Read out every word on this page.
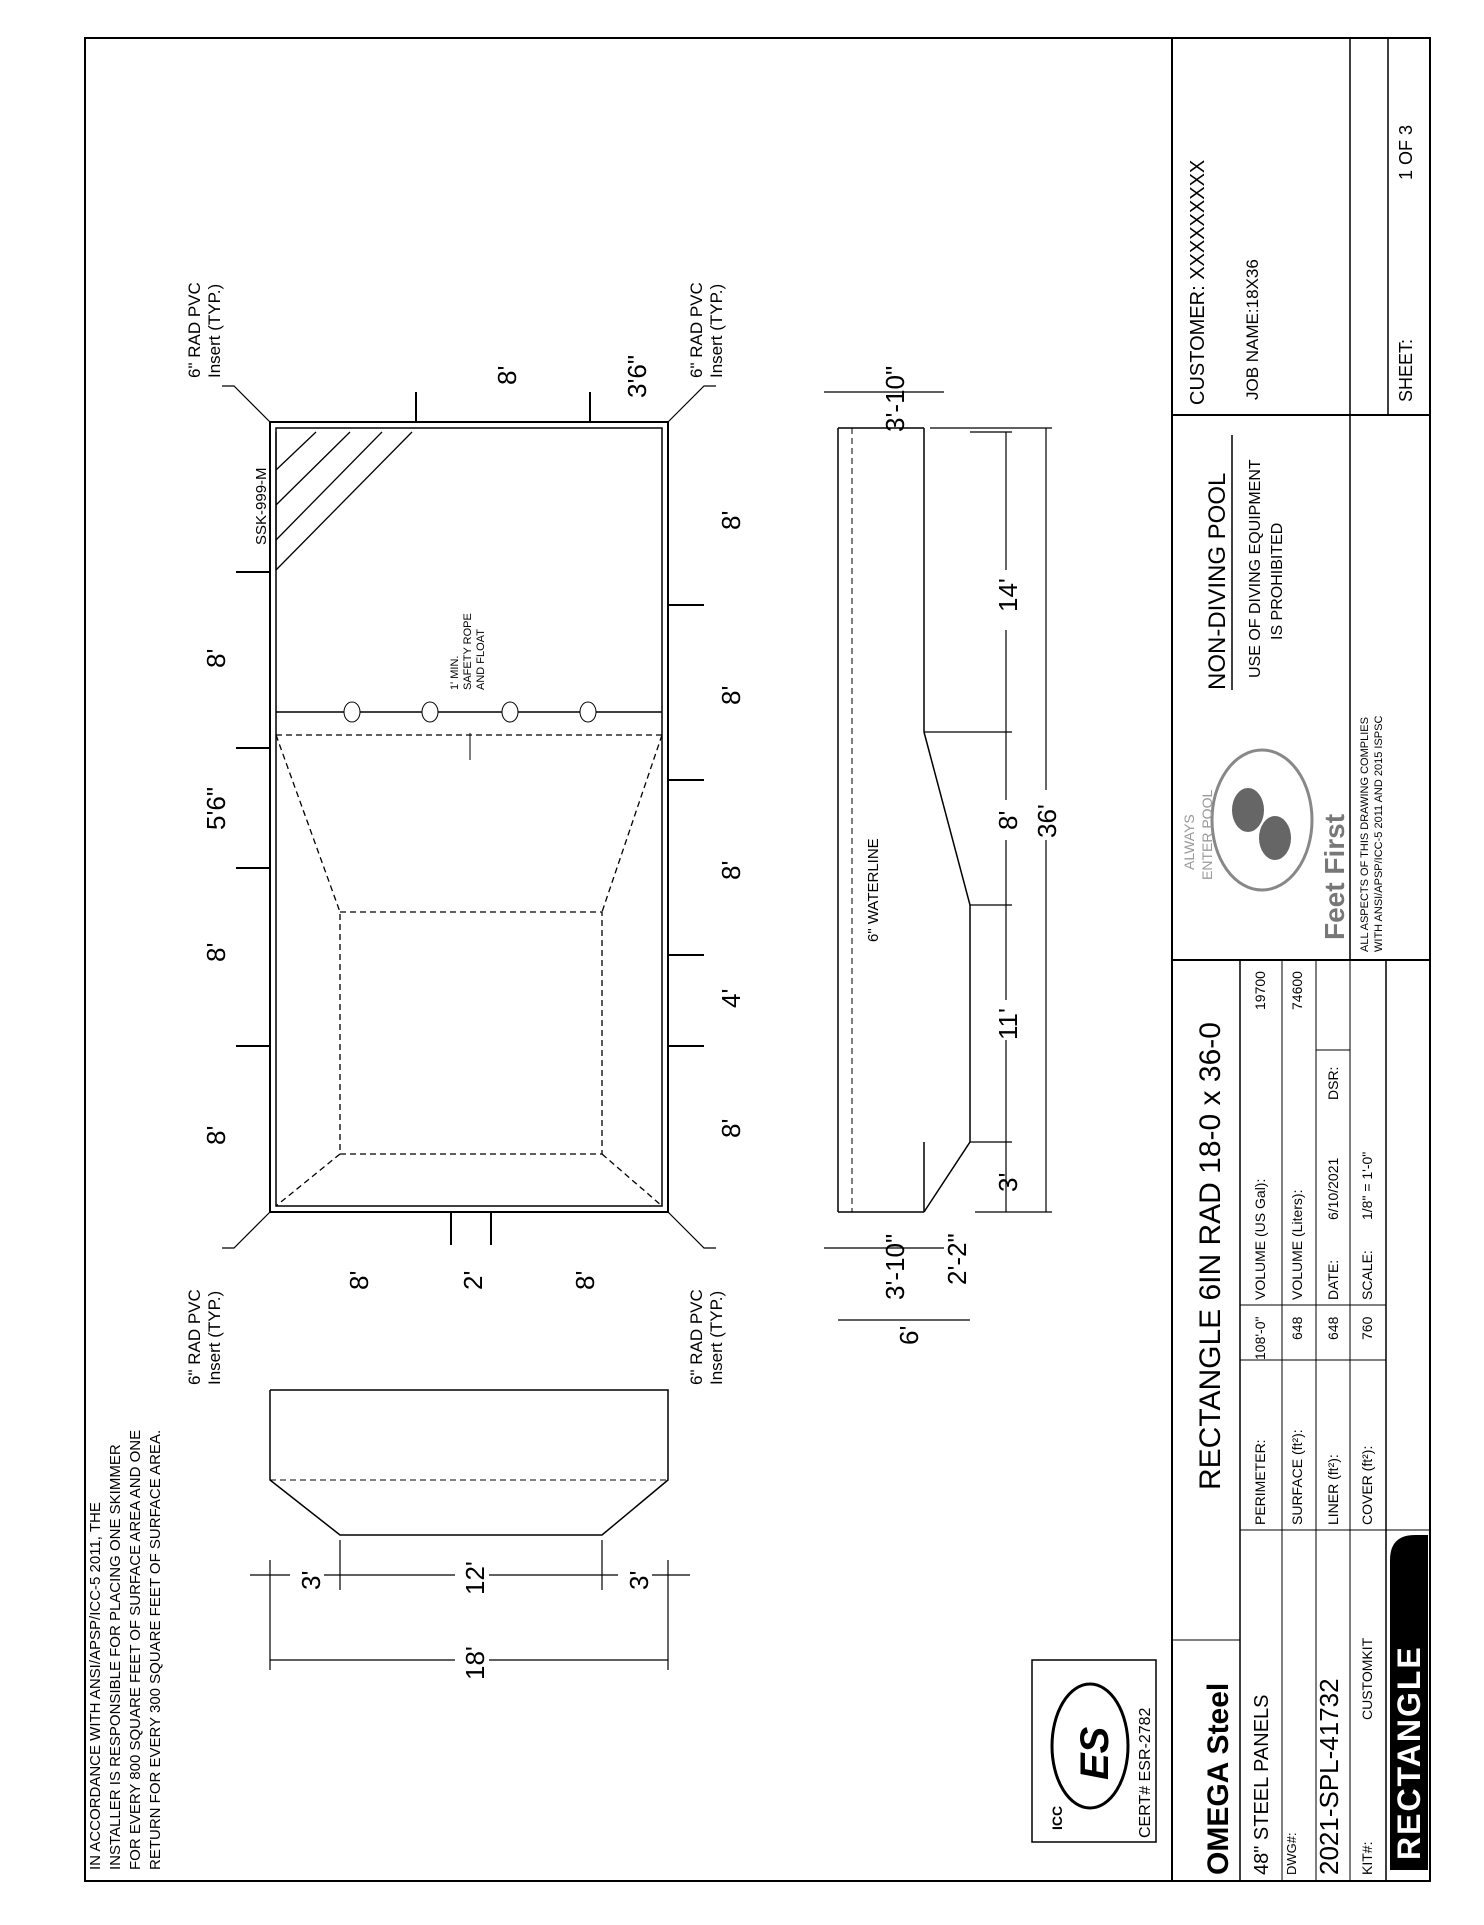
IN ACCORDANCE WITH ANSI/APSP/ICC-5 2011, THE INSTALLER IS RESPONSIBLE FOR PLACING ONE SKIMMER FOR EVERY 800 SQUARE FEET OF SURFACE AREA AND ONE RETURN FOR EVERY 300 SQUARE FEET OF SURFACE AREA.
SSK-999-M
1' MIN. SAFETY ROPE AND FLOAT
8'
8'
5'6"
8'
3'6"
8'
8'
8'
8'
4'
8'
8'	2'	8'
6" RAD PVC Insert (TYP.)	6" RAD PVC Insert (TYP.)
6" RAD PVC Insert (TYP.)	6" RAD PVC Insert (TYP.)
6" WATERLINE
14'
8'
11'
3'
36'
3'-10"
3'-10" 2'-2"
6'
3'	12'	3'
18'
CUSTOMER: XXXXXXXXX JOB NAME:18X36
1 OF 3
SHEET:
NON-DIVING POOL USE OF DIVING EQUIPMENT IS PROHIBITED
ALL ASPECTS OF THIS DRAWING COMPLIES WITH ANSI/APSP/ICC-5 2011 AND 2015 ISPSC
ALWAYS ENTER POOL	Feet First
RECTANGLE 6IN RAD 18-0 x 36-0 PERIMETER:
108'-0"
SURFACE (ft²):
648
LINER (ft²):
648
COVER (ft²):
760
VOLUME (US Gal):
19700
VOLUME (Liters):
74600
DATE:
6/10/2021
DSR:
SCALE:
1/8" = 1'-0"
OMEGA Steel 48" STEEL PANELS DWG#: 2021-SPL-41732 KIT#:
CUSTOMKIT RECTANGLE
ICC
ES CERT# ESR-2782
